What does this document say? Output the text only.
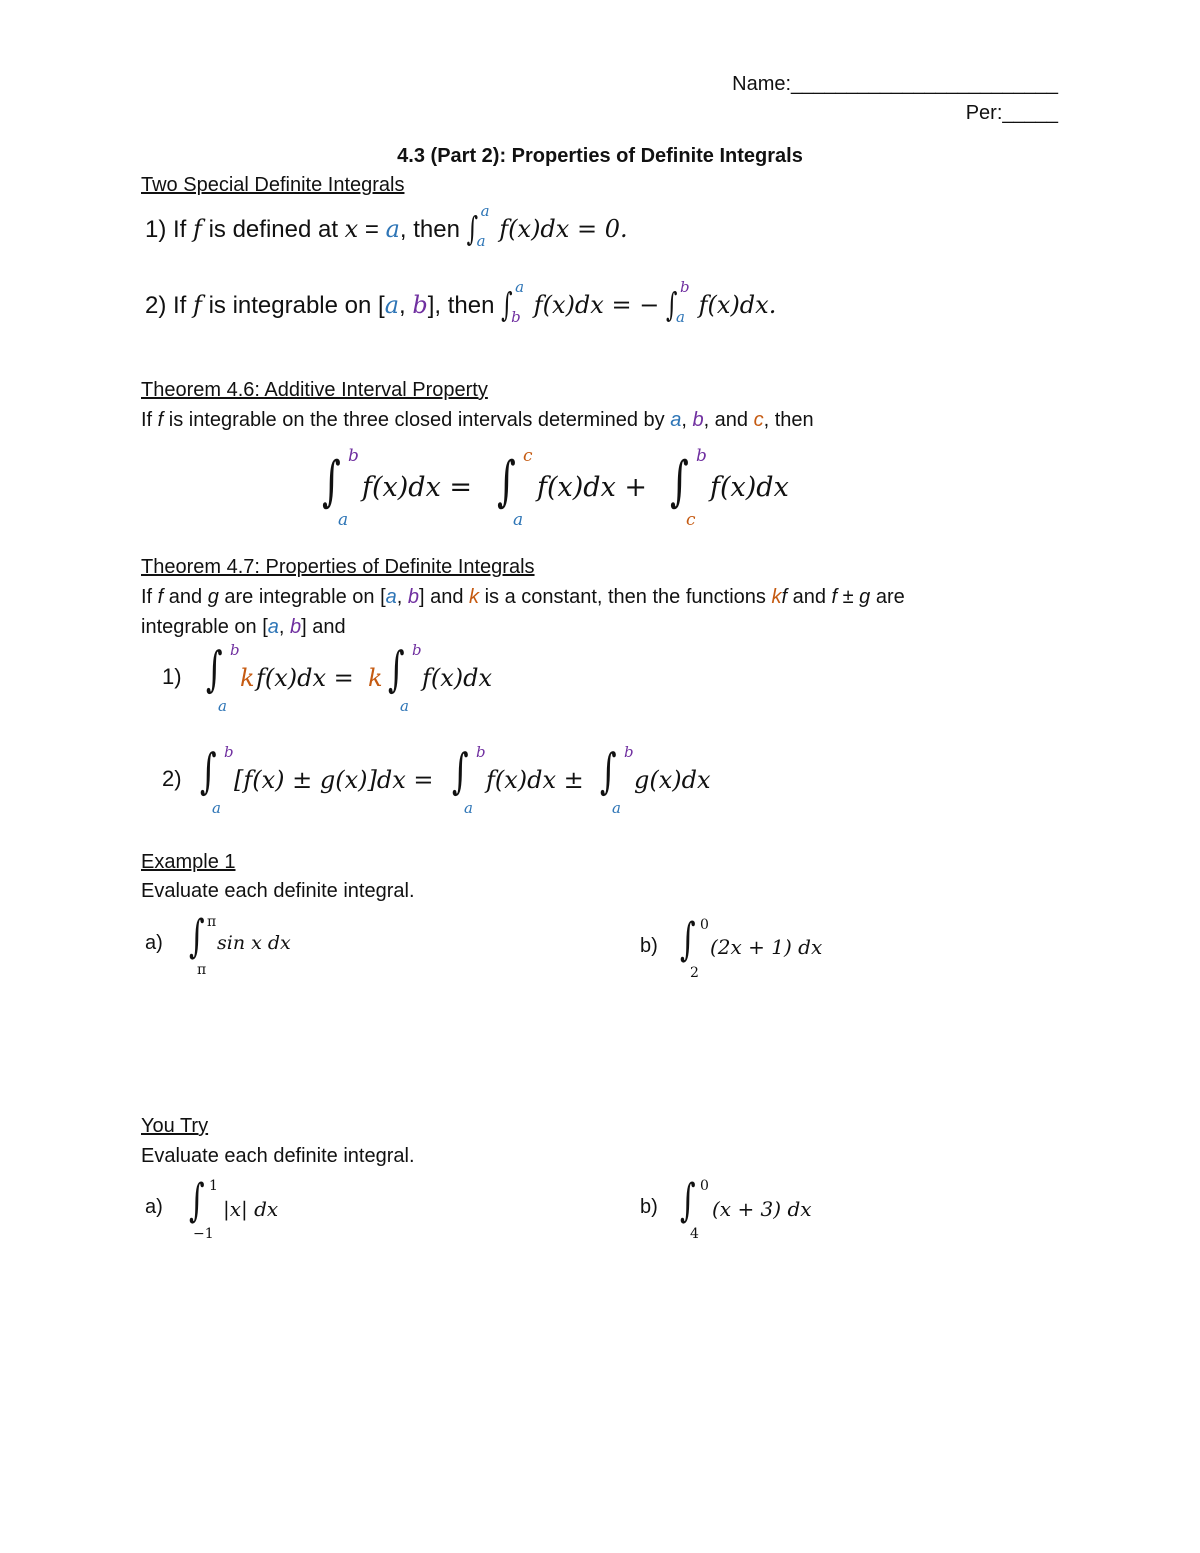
Name:________________________
Per:_____
4.3 (Part 2): Properties of Definite Integrals
Two Special Definite Integrals
1) If f is defined at x = a, then ∫
a
a f(x)dx = 0.
2) If f is integrable on [a, b], then ∫
a
b f(x)dx = − ∫
b
a f(x)dx.
Theorem 4.6: Additive Interval Property
If f is integrable on the three closed intervals determined by a, b, and c, then
∫ b
a
f(x)dx = ∫ c
a
f(x)dx + ∫ b
c
f(x)dx
Theorem 4.7: Properties of Definite Integrals
If f and g are integrable on [a, b] and k is a constant, then the functions kf and f ± g are
integrable on [a, b] and
1) ∫ b
a
k f(x)dx = k ∫ b
a
f(x)dx
2) ∫ b
a
[f(x) ± g(x)]dx = ∫ b
a
f(x)dx ± ∫ b
a
g(x)dx
Example 1
Evaluate each definite integral.
a) ∫ π
π
sin x dx	b) ∫ 0
2
(2x + 1) dx
You Try
Evaluate each definite integral.
a) ∫ 1
−1
|x| dx	b) ∫ 0
4
(x + 3) dx
